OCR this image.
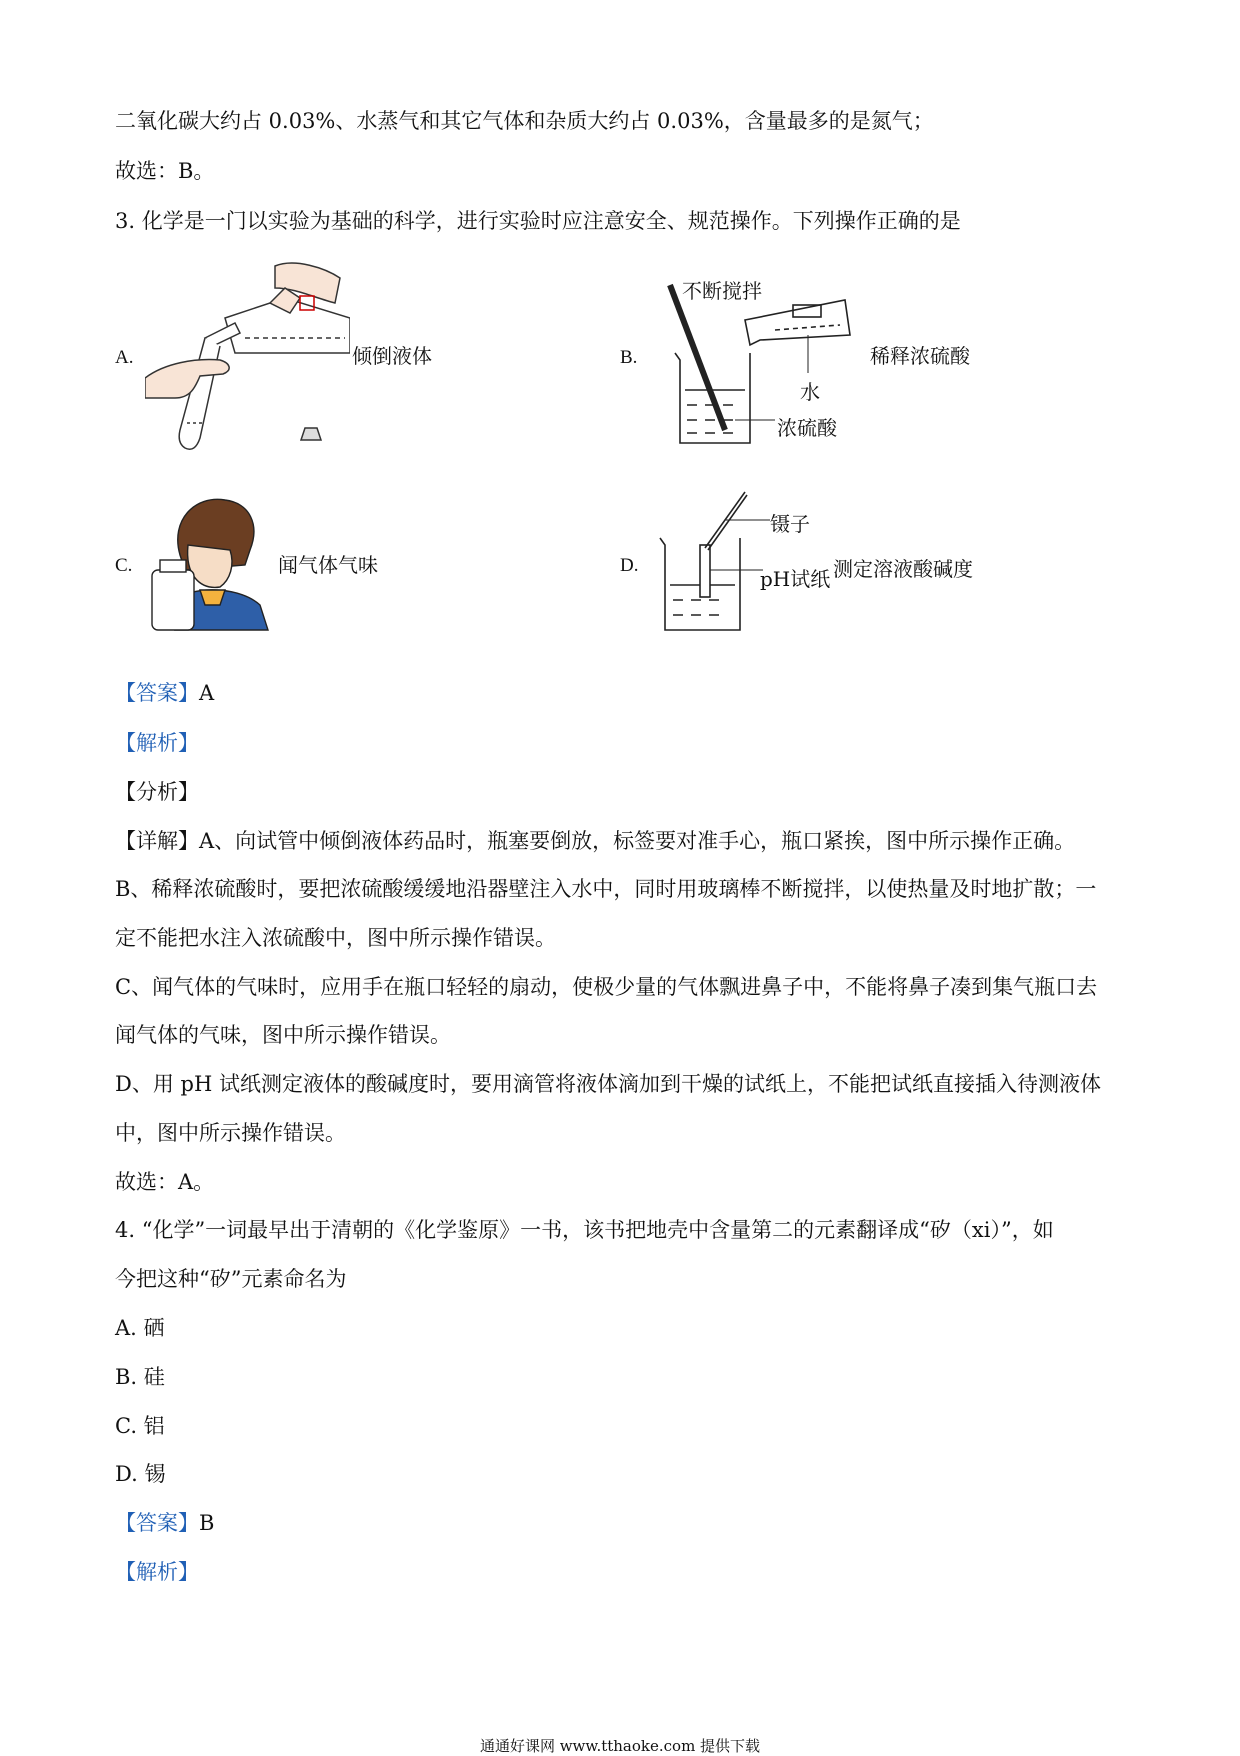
二氧化碳大约占 0.03%、水蒸气和其它气体和杂质大约占 0.03%，含量最多的是氮气；
故选：B。
3. 化学是一门以实验为基础的科学，进行实验时应注意安全、规范操作。下列操作正确的是
A.	倾倒液体	B.
不断搅拌
水
浓硫酸
稀释浓硫酸
C.	闻气体气味	D.
镊子
pH试纸 测定溶液酸碱度
【答案】A
【解析】
【分析】
【详解】A、向试管中倾倒液体药品时，瓶塞要倒放，标签要对准手心，瓶口紧挨，图中所示操作正确。
B、稀释浓硫酸时，要把浓硫酸缓缓地沿器壁注入水中，同时用玻璃棒不断搅拌，以使热量及时地扩散；一
定不能把水注入浓硫酸中，图中所示操作错误。
C、闻气体的气味时，应用手在瓶口轻轻的扇动，使极少量的气体飘进鼻子中，不能将鼻子凑到集气瓶口去
闻气体的气味，图中所示操作错误。
D、用 pH 试纸测定液体的酸碱度时，要用滴管将液体滴加到干燥的试纸上，不能把试纸直接插入待测液体
中，图中所示操作错误。
故选：A。
4. “化学”一词最早出于清朝的《化学鉴原》一书，该书把地壳中含量第二的元素翻译成“矽（xi）”，如
今把这种“矽”元素命名为
A. 硒
B. 硅
C. 铝
D. 锡
【答案】B
【解析】
通通好课网 www.tthaoke.com 提供下载
